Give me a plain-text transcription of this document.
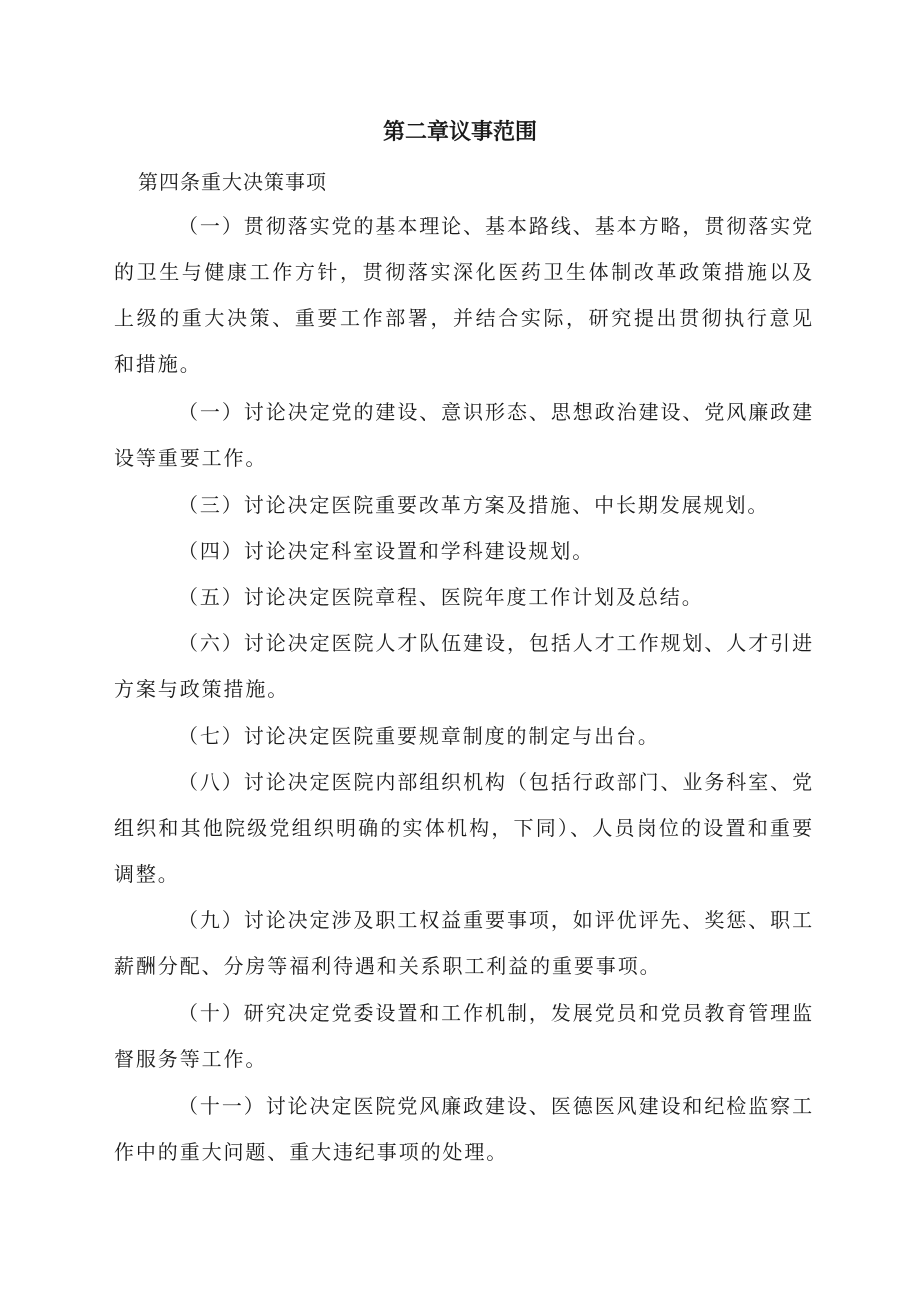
第二章议事范围

第四条重大决策事项

（一）贯彻落实党的基本理论、基本路线、基本方略，贯彻落实党的卫生与健康工作方针，贯彻落实深化医药卫生体制改革政策措施以及上级的重大决策、重要工作部署，并结合实际，研究提出贯彻执行意见和措施。

（一）讨论决定党的建设、意识形态、思想政治建设、党风廉政建设等重要工作。

（三）讨论决定医院重要改革方案及措施、中长期发展规划。

（四）讨论决定科室设置和学科建设规划。

（五）讨论决定医院章程、医院年度工作计划及总结。

（六）讨论决定医院人才队伍建设，包括人才工作规划、人才引进方案与政策措施。

（七）讨论决定医院重要规章制度的制定与出台。

（八）讨论决定医院内部组织机构（包括行政部门、业务科室、党组织和其他院级党组织明确的实体机构，下同）、人员岗位的设置和重要调整。

（九）讨论决定涉及职工权益重要事项，如评优评先、奖惩、职工薪酬分配、分房等福利待遇和关系职工利益的重要事项。

（十）研究决定党委设置和工作机制，发展党员和党员教育管理监督服务等工作。

（十一）讨论决定医院党风廉政建设、医德医风建设和纪检监察工作中的重大问题、重大违纪事项的处理。
